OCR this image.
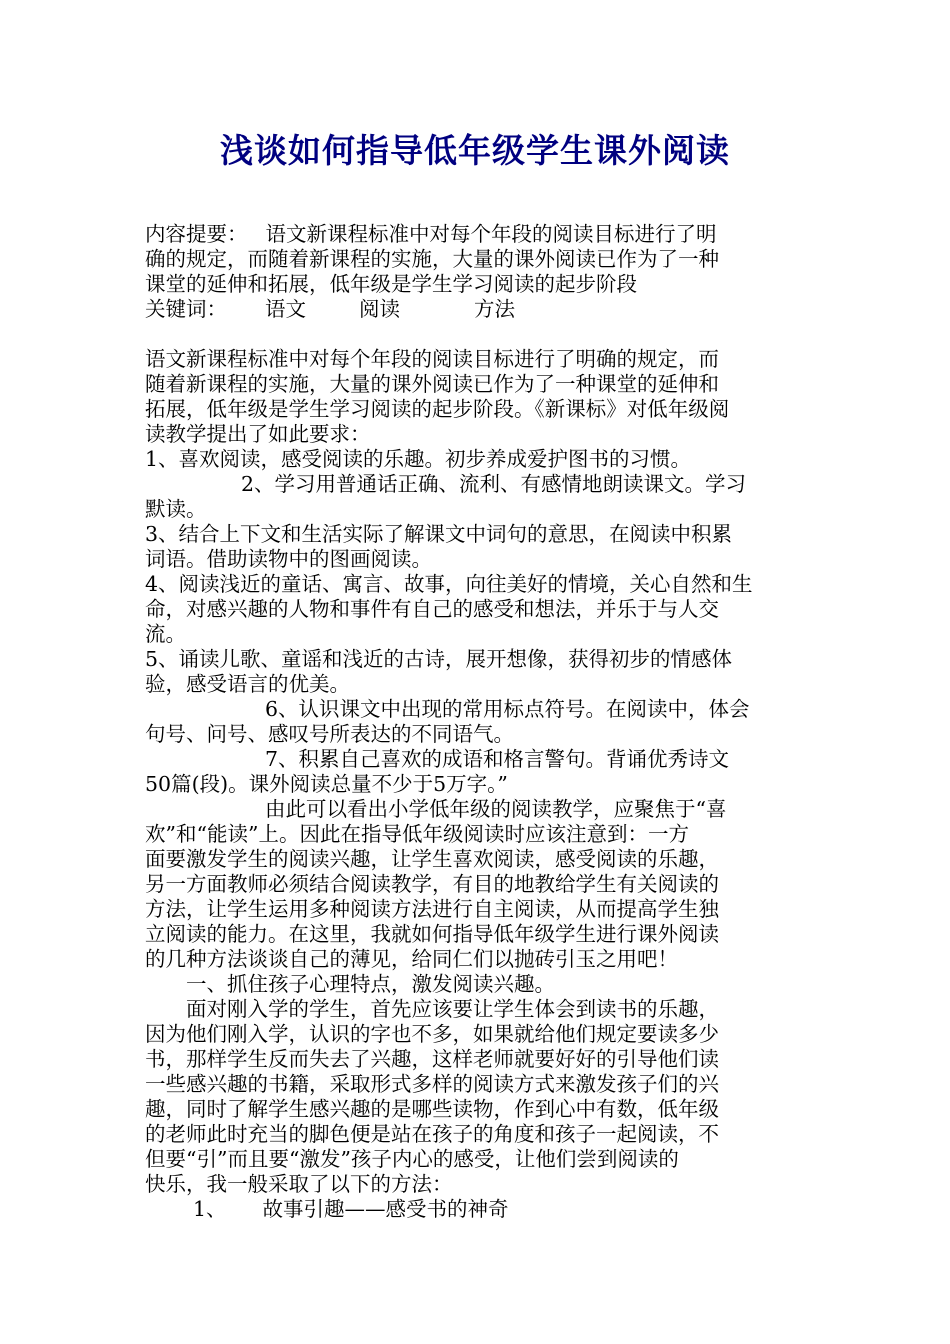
浅谈如何指导低年级学生课外阅读
内容提要： 语文新课程标准中对每个年段的阅读目标进行了明
确的规定，而随着新课程的实施，大量的课外阅读已作为了一种
课堂的延伸和拓展，低年级是学生学习阅读的起步阶段
关键词： 语文	阅读	方法
语文新课程标准中对每个年段的阅读目标进行了明确的规定，而
随着新课程的实施，大量的课外阅读已作为了一种课堂的延伸和
拓展，低年级是学生学习阅读的起步阶段。《新课标》对低年级阅
读教学提出了如此要求：
1、喜欢阅读，感受阅读的乐趣。初步养成爱护图书的习惯。
2、学习用普通话正确、流利、有感情地朗读课文。学习
默读。
3、结合上下文和生活实际了解课文中词句的意思，在阅读中积累
词语。借助读物中的图画阅读。
4、阅读浅近的童话、寓言、故事，向往美好的情境，关心自然和生
命，对感兴趣的人物和事件有自己的感受和想法，并乐于与人交
流。
5、诵读儿歌、童谣和浅近的古诗，展开想像，获得初步的情感体
验，感受语言的优美。
6、认识课文中出现的常用标点符号。在阅读中，体会
句号、问号、感叹号所表达的不同语气。
7、积累自己喜欢的成语和格言警句。背诵优秀诗文
50篇(段)。课外阅读总量不少于5万字。”
由此可以看出小学低年级的阅读教学，应聚焦于“喜
欢”和“能读”上。因此在指导低年级阅读时应该注意到：一方
面要激发学生的阅读兴趣，让学生喜欢阅读，感受阅读的乐趣，
另一方面教师必须结合阅读教学，有目的地教给学生有关阅读的
方法，让学生运用多种阅读方法进行自主阅读，从而提高学生独
立阅读的能力。在这里，我就如何指导低年级学生进行课外阅读
的几种方法谈谈自己的薄见，给同仁们以抛砖引玉之用吧！
一、抓住孩子心理特点，激发阅读兴趣。
面对刚入学的学生，首先应该要让学生体会到读书的乐趣，
因为他们刚入学，认识的字也不多，如果就给他们规定要读多少
书，那样学生反而失去了兴趣，这样老师就要好好的引导他们读
一些感兴趣的书籍，采取形式多样的阅读方式来激发孩子们的兴
趣，同时了解学生感兴趣的是哪些读物，作到心中有数，低年级
的老师此时充当的脚色便是站在孩子的角度和孩子一起阅读，不
但要“引”而且要“激发”孩子内心的感受，让他们尝到阅读的
快乐，我一般采取了以下的方法：
1、 故事引趣——感受书的神奇
